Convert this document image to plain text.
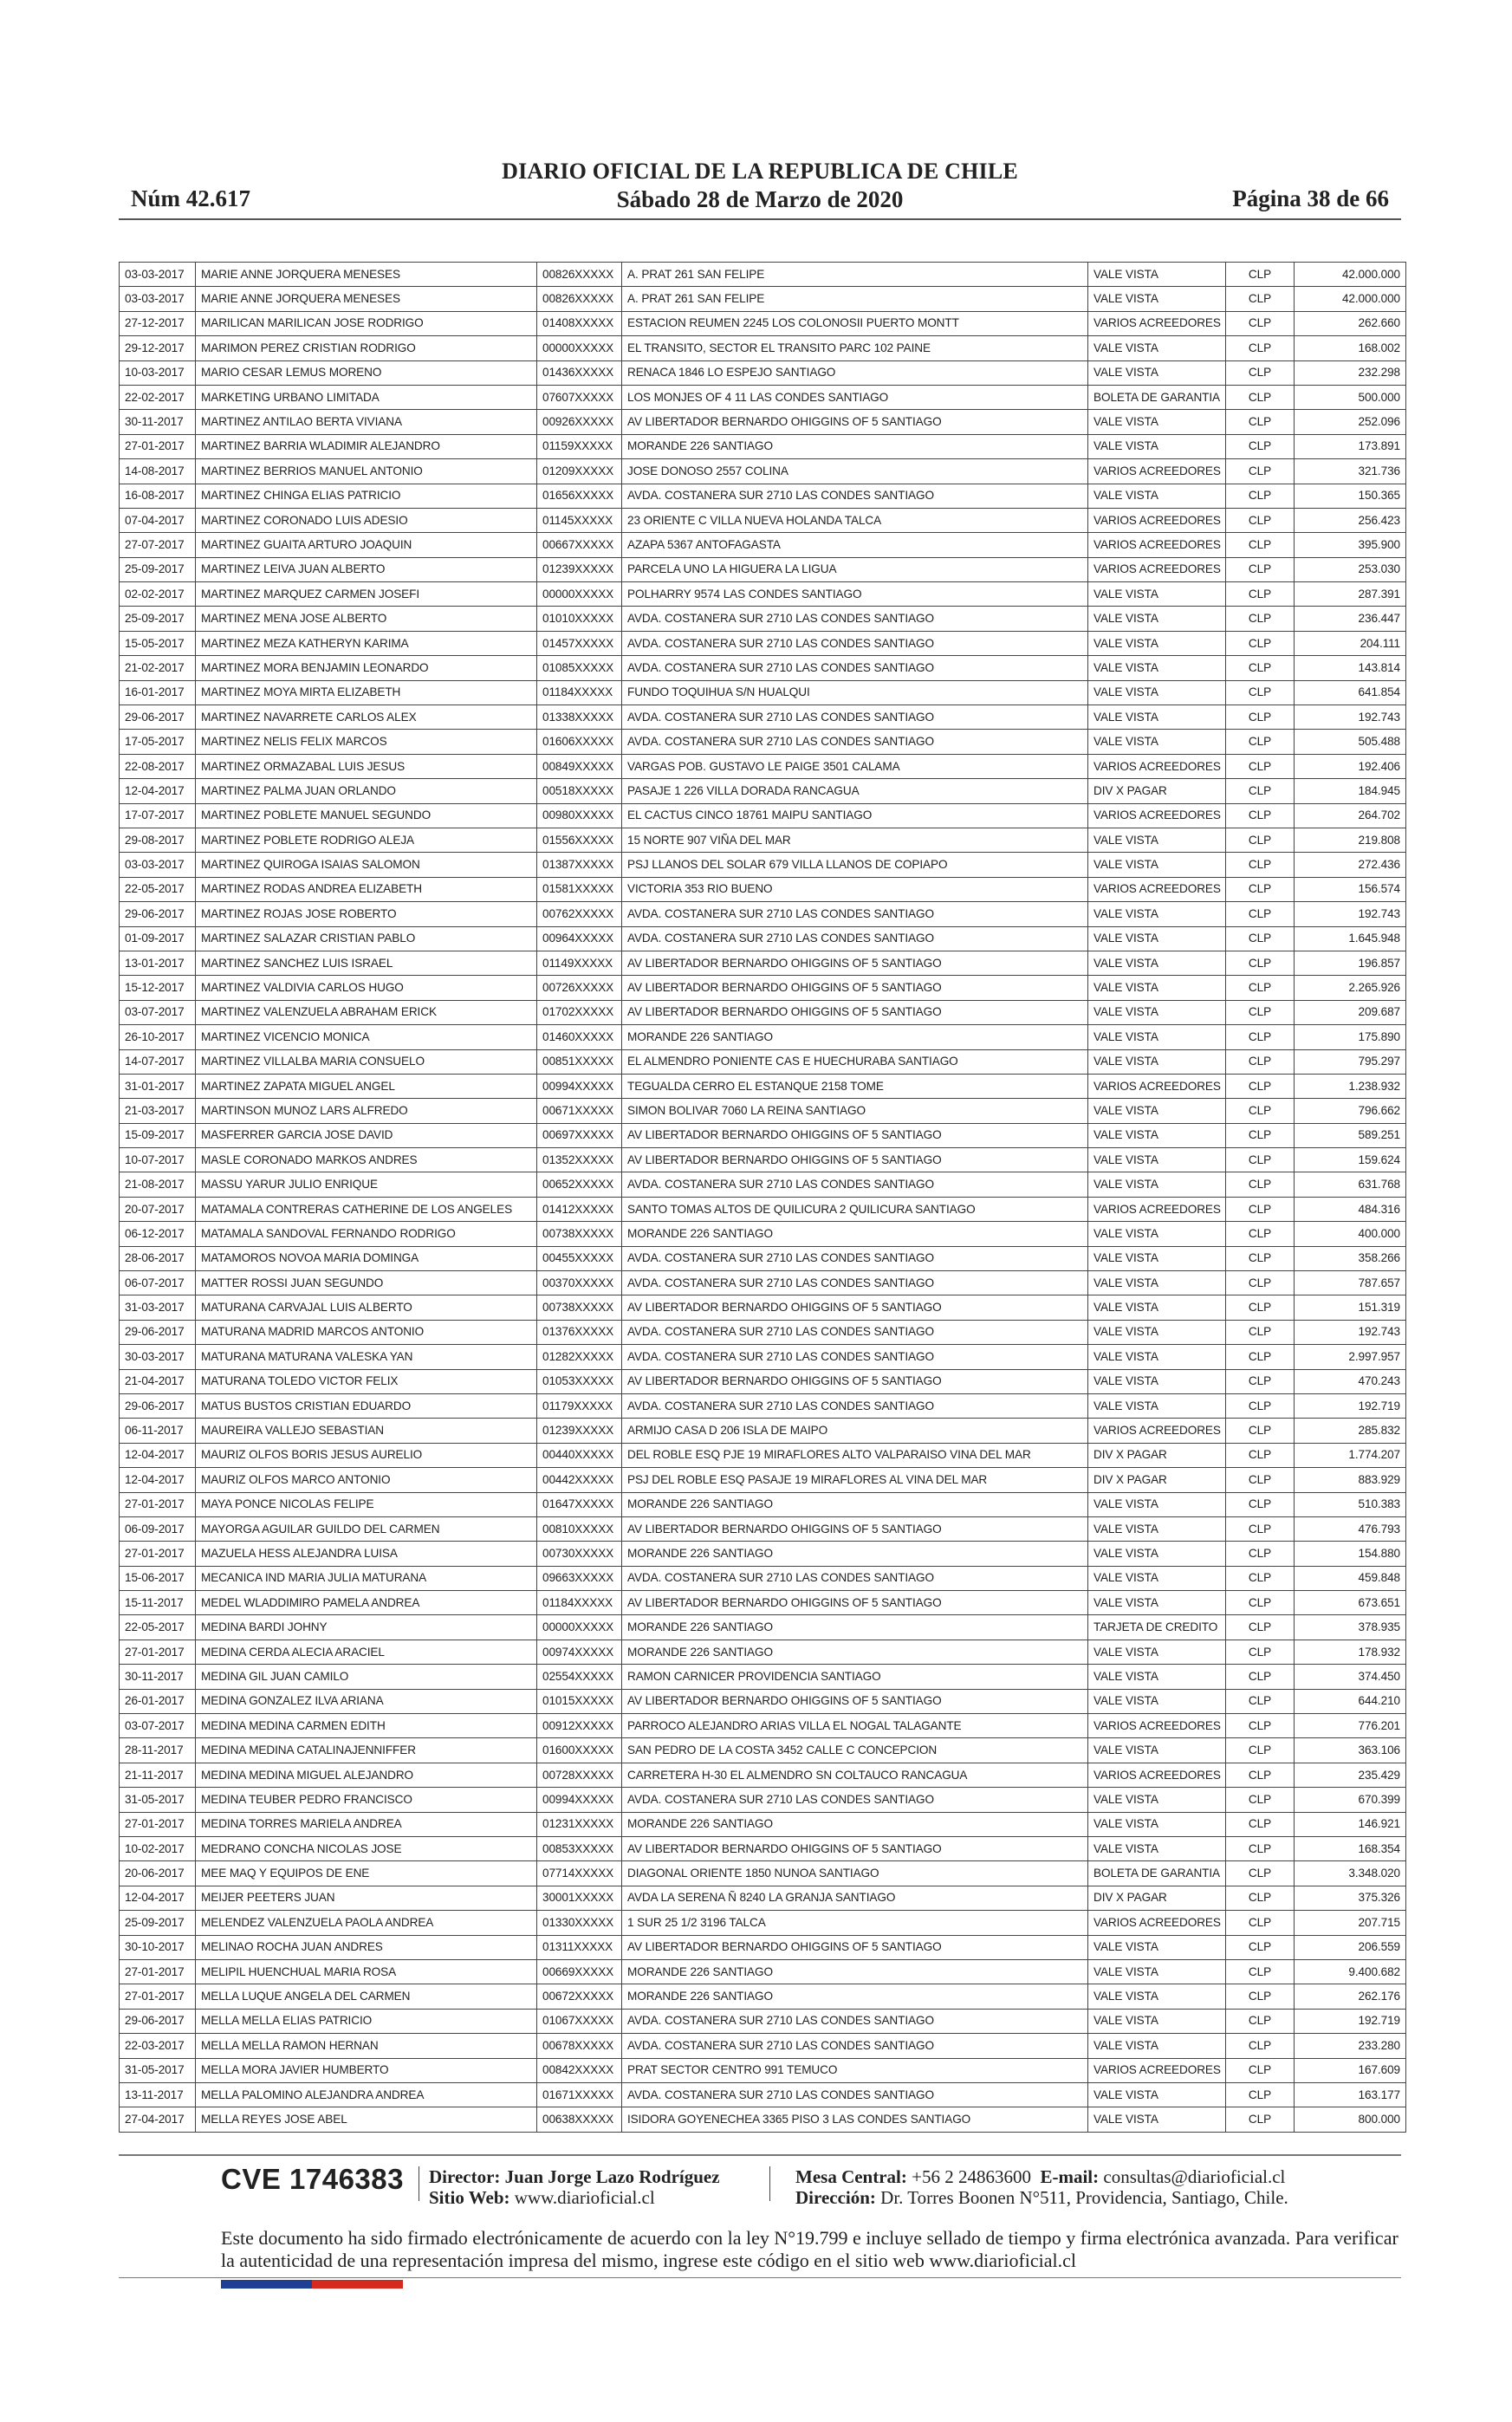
Núm 42.617
DIARIO OFICIAL DE LA REPUBLICA DE CHILE
Sábado 28 de Marzo de 2020	Página 38 de 66
03-03-2017	MARIE ANNE JORQUERA MENESES	00826XXXXX	A. PRAT 261 SAN FELIPE	VALE VISTA	CLP	42.000.000
03-03-2017	MARIE ANNE JORQUERA MENESES	00826XXXXX	A. PRAT 261 SAN FELIPE	VALE VISTA	CLP	42.000.000
27-12-2017	MARILICAN MARILICAN JOSE RODRIGO	01408XXXXX	ESTACION REUMEN 2245 LOS COLONOSII PUERTO MONTT	VARIOS ACREEDORES	CLP	262.660
29-12-2017	MARIMON PEREZ CRISTIAN RODRIGO	00000XXXXX	EL TRANSITO, SECTOR EL TRANSITO PARC 102 PAINE	VALE VISTA	CLP	168.002
10-03-2017	MARIO CESAR LEMUS MORENO	01436XXXXX	RENACA 1846 LO ESPEJO SANTIAGO	VALE VISTA	CLP	232.298
22-02-2017	MARKETING URBANO LIMITADA	07607XXXXX	LOS MONJES OF 4 11 LAS CONDES SANTIAGO	BOLETA DE GARANTIA	CLP	500.000
30-11-2017	MARTINEZ ANTILAO BERTA VIVIANA	00926XXXXX	AV LIBERTADOR BERNARDO OHIGGINS OF 5 SANTIAGO	VALE VISTA	CLP	252.096
27-01-2017	MARTINEZ BARRIA WLADIMIR ALEJANDRO	01159XXXXX	MORANDE 226 SANTIAGO	VALE VISTA	CLP	173.891
14-08-2017	MARTINEZ BERRIOS MANUEL ANTONIO	01209XXXXX	JOSE DONOSO 2557 COLINA	VARIOS ACREEDORES	CLP	321.736
16-08-2017	MARTINEZ CHINGA ELIAS PATRICIO	01656XXXXX	AVDA. COSTANERA SUR 2710 LAS CONDES SANTIAGO	VALE VISTA	CLP	150.365
07-04-2017	MARTINEZ CORONADO LUIS ADESIO	01145XXXXX	23 ORIENTE C VILLA NUEVA HOLANDA TALCA	VARIOS ACREEDORES	CLP	256.423
27-07-2017	MARTINEZ GUAITA ARTURO JOAQUIN	00667XXXXX	AZAPA 5367 ANTOFAGASTA	VARIOS ACREEDORES	CLP	395.900
25-09-2017	MARTINEZ LEIVA JUAN ALBERTO	01239XXXXX	PARCELA UNO LA HIGUERA LA LIGUA	VARIOS ACREEDORES	CLP	253.030
02-02-2017	MARTINEZ MARQUEZ CARMEN JOSEFI	00000XXXXX	POLHARRY 9574 LAS CONDES SANTIAGO	VALE VISTA	CLP	287.391
25-09-2017	MARTINEZ MENA JOSE ALBERTO	01010XXXXX	AVDA. COSTANERA SUR 2710 LAS CONDES SANTIAGO	VALE VISTA	CLP	236.447
15-05-2017	MARTINEZ MEZA KATHERYN KARIMA	01457XXXXX	AVDA. COSTANERA SUR 2710 LAS CONDES SANTIAGO	VALE VISTA	CLP	204.111
21-02-2017	MARTINEZ MORA BENJAMIN LEONARDO	01085XXXXX	AVDA. COSTANERA SUR 2710 LAS CONDES SANTIAGO	VALE VISTA	CLP	143.814
16-01-2017	MARTINEZ MOYA MIRTA ELIZABETH	01184XXXXX	FUNDO TOQUIHUA S/N HUALQUI	VALE VISTA	CLP	641.854
29-06-2017	MARTINEZ NAVARRETE CARLOS ALEX	01338XXXXX	AVDA. COSTANERA SUR 2710 LAS CONDES SANTIAGO	VALE VISTA	CLP	192.743
17-05-2017	MARTINEZ NELIS FELIX MARCOS	01606XXXXX	AVDA. COSTANERA SUR 2710 LAS CONDES SANTIAGO	VALE VISTA	CLP	505.488
22-08-2017	MARTINEZ ORMAZABAL LUIS JESUS	00849XXXXX	VARGAS POB. GUSTAVO LE PAIGE 3501 CALAMA	VARIOS ACREEDORES	CLP	192.406
12-04-2017	MARTINEZ PALMA JUAN ORLANDO	00518XXXXX	PASAJE 1 226 VILLA DORADA RANCAGUA	DIV X PAGAR	CLP	184.945
17-07-2017	MARTINEZ POBLETE MANUEL SEGUNDO	00980XXXXX	EL CACTUS CINCO 18761 MAIPU SANTIAGO	VARIOS ACREEDORES	CLP	264.702
29-08-2017	MARTINEZ POBLETE RODRIGO ALEJA	01556XXXXX	15 NORTE 907 VIÑA DEL MAR	VALE VISTA	CLP	219.808
03-03-2017	MARTINEZ QUIROGA ISAIAS SALOMON	01387XXXXX	PSJ LLANOS DEL SOLAR 679 VILLA LLANOS DE COPIAPO	VALE VISTA	CLP	272.436
22-05-2017	MARTINEZ RODAS ANDREA ELIZABETH	01581XXXXX	VICTORIA 353 RIO BUENO	VARIOS ACREEDORES	CLP	156.574
29-06-2017	MARTINEZ ROJAS JOSE ROBERTO	00762XXXXX	AVDA. COSTANERA SUR 2710 LAS CONDES SANTIAGO	VALE VISTA	CLP	192.743
01-09-2017	MARTINEZ SALAZAR CRISTIAN PABLO	00964XXXXX	AVDA. COSTANERA SUR 2710 LAS CONDES SANTIAGO	VALE VISTA	CLP	1.645.948
13-01-2017	MARTINEZ SANCHEZ LUIS ISRAEL	01149XXXXX	AV LIBERTADOR BERNARDO OHIGGINS OF 5 SANTIAGO	VALE VISTA	CLP	196.857
15-12-2017	MARTINEZ VALDIVIA CARLOS HUGO	00726XXXXX	AV LIBERTADOR BERNARDO OHIGGINS OF 5 SANTIAGO	VALE VISTA	CLP	2.265.926
03-07-2017	MARTINEZ VALENZUELA ABRAHAM ERICK	01702XXXXX	AV LIBERTADOR BERNARDO OHIGGINS OF 5 SANTIAGO	VALE VISTA	CLP	209.687
26-10-2017	MARTINEZ VICENCIO MONICA	01460XXXXX	MORANDE 226 SANTIAGO	VALE VISTA	CLP	175.890
14-07-2017	MARTINEZ VILLALBA MARIA CONSUELO	00851XXXXX	EL ALMENDRO PONIENTE CAS E HUECHURABA SANTIAGO	VALE VISTA	CLP	795.297
31-01-2017	MARTINEZ ZAPATA MIGUEL ANGEL	00994XXXXX	TEGUALDA CERRO EL ESTANQUE 2158 TOME	VARIOS ACREEDORES	CLP	1.238.932
21-03-2017	MARTINSON MUNOZ LARS ALFREDO	00671XXXXX	SIMON BOLIVAR 7060 LA REINA SANTIAGO	VALE VISTA	CLP	796.662
15-09-2017	MASFERRER GARCIA JOSE DAVID	00697XXXXX	AV LIBERTADOR BERNARDO OHIGGINS OF 5 SANTIAGO	VALE VISTA	CLP	589.251
10-07-2017	MASLE CORONADO MARKOS ANDRES	01352XXXXX	AV LIBERTADOR BERNARDO OHIGGINS OF 5 SANTIAGO	VALE VISTA	CLP	159.624
21-08-2017	MASSU YARUR JULIO ENRIQUE	00652XXXXX	AVDA. COSTANERA SUR 2710 LAS CONDES SANTIAGO	VALE VISTA	CLP	631.768
20-07-2017	MATAMALA CONTRERAS CATHERINE DE LOS ANGELES	01412XXXXX	SANTO TOMAS ALTOS DE QUILICURA 2 QUILICURA SANTIAGO	VARIOS ACREEDORES	CLP	484.316
06-12-2017	MATAMALA SANDOVAL FERNANDO RODRIGO	00738XXXXX	MORANDE 226 SANTIAGO	VALE VISTA	CLP	400.000
28-06-2017	MATAMOROS NOVOA MARIA DOMINGA	00455XXXXX	AVDA. COSTANERA SUR 2710 LAS CONDES SANTIAGO	VALE VISTA	CLP	358.266
06-07-2017	MATTER ROSSI JUAN SEGUNDO	00370XXXXX	AVDA. COSTANERA SUR 2710 LAS CONDES SANTIAGO	VALE VISTA	CLP	787.657
31-03-2017	MATURANA CARVAJAL LUIS ALBERTO	00738XXXXX	AV LIBERTADOR BERNARDO OHIGGINS OF 5 SANTIAGO	VALE VISTA	CLP	151.319
29-06-2017	MATURANA MADRID MARCOS ANTONIO	01376XXXXX	AVDA. COSTANERA SUR 2710 LAS CONDES SANTIAGO	VALE VISTA	CLP	192.743
30-03-2017	MATURANA MATURANA VALESKA YAN	01282XXXXX	AVDA. COSTANERA SUR 2710 LAS CONDES SANTIAGO	VALE VISTA	CLP	2.997.957
21-04-2017	MATURANA TOLEDO VICTOR FELIX	01053XXXXX	AV LIBERTADOR BERNARDO OHIGGINS OF 5 SANTIAGO	VALE VISTA	CLP	470.243
29-06-2017	MATUS BUSTOS CRISTIAN EDUARDO	01179XXXXX	AVDA. COSTANERA SUR 2710 LAS CONDES SANTIAGO	VALE VISTA	CLP	192.719
06-11-2017	MAUREIRA VALLEJO SEBASTIAN	01239XXXXX	ARMIJO CASA D 206 ISLA DE MAIPO	VARIOS ACREEDORES	CLP	285.832
12-04-2017	MAURIZ OLFOS BORIS JESUS AURELIO	00440XXXXX	DEL ROBLE ESQ PJE 19 MIRAFLORES ALTO VALPARAISO VINA DEL MAR	DIV X PAGAR	CLP	1.774.207
12-04-2017	MAURIZ OLFOS MARCO ANTONIO	00442XXXXX	PSJ DEL ROBLE ESQ PASAJE 19 MIRAFLORES AL VINA DEL MAR	DIV X PAGAR	CLP	883.929
27-01-2017	MAYA PONCE NICOLAS FELIPE	01647XXXXX	MORANDE 226 SANTIAGO	VALE VISTA	CLP	510.383
06-09-2017	MAYORGA AGUILAR GUILDO DEL CARMEN	00810XXXXX	AV LIBERTADOR BERNARDO OHIGGINS OF 5 SANTIAGO	VALE VISTA	CLP	476.793
27-01-2017	MAZUELA HESS ALEJANDRA LUISA	00730XXXXX	MORANDE 226 SANTIAGO	VALE VISTA	CLP	154.880
15-06-2017	MECANICA IND MARIA JULIA MATURANA	09663XXXXX	AVDA. COSTANERA SUR 2710 LAS CONDES SANTIAGO	VALE VISTA	CLP	459.848
15-11-2017	MEDEL WLADDIMIRO PAMELA ANDREA	01184XXXXX	AV LIBERTADOR BERNARDO OHIGGINS OF 5 SANTIAGO	VALE VISTA	CLP	673.651
22-05-2017	MEDINA BARDI JOHNY	00000XXXXX	MORANDE 226 SANTIAGO	TARJETA DE CREDITO	CLP	378.935
27-01-2017	MEDINA CERDA ALECIA ARACIEL	00974XXXXX	MORANDE 226 SANTIAGO	VALE VISTA	CLP	178.932
30-11-2017	MEDINA GIL JUAN CAMILO	02554XXXXX	RAMON CARNICER PROVIDENCIA SANTIAGO	VALE VISTA	CLP	374.450
26-01-2017	MEDINA GONZALEZ ILVA ARIANA	01015XXXXX	AV LIBERTADOR BERNARDO OHIGGINS OF 5 SANTIAGO	VALE VISTA	CLP	644.210
03-07-2017	MEDINA MEDINA CARMEN EDITH	00912XXXXX	PARROCO ALEJANDRO ARIAS VILLA EL NOGAL TALAGANTE	VARIOS ACREEDORES	CLP	776.201
28-11-2017	MEDINA MEDINA CATALINAJENNIFFER	01600XXXXX	SAN PEDRO DE LA COSTA 3452 CALLE C CONCEPCION	VALE VISTA	CLP	363.106
21-11-2017	MEDINA MEDINA MIGUEL ALEJANDRO	00728XXXXX	CARRETERA H-30 EL ALMENDRO SN COLTAUCO RANCAGUA	VARIOS ACREEDORES	CLP	235.429
31-05-2017	MEDINA TEUBER PEDRO FRANCISCO	00994XXXXX	AVDA. COSTANERA SUR 2710 LAS CONDES SANTIAGO	VALE VISTA	CLP	670.399
27-01-2017	MEDINA TORRES MARIELA ANDREA	01231XXXXX	MORANDE 226 SANTIAGO	VALE VISTA	CLP	146.921
10-02-2017	MEDRANO CONCHA NICOLAS JOSE	00853XXXXX	AV LIBERTADOR BERNARDO OHIGGINS OF 5 SANTIAGO	VALE VISTA	CLP	168.354
20-06-2017	MEE MAQ Y EQUIPOS DE ENE	07714XXXXX	DIAGONAL ORIENTE 1850 NUNOA SANTIAGO	BOLETA DE GARANTIA	CLP	3.348.020
12-04-2017	MEIJER PEETERS JUAN	30001XXXXX	AVDA LA SERENA Ñ 8240 LA GRANJA SANTIAGO	DIV X PAGAR	CLP	375.326
25-09-2017	MELENDEZ VALENZUELA PAOLA ANDREA	01330XXXXX	1 SUR 25 1/2 3196 TALCA	VARIOS ACREEDORES	CLP	207.715
30-10-2017	MELINAO ROCHA JUAN ANDRES	01311XXXXX	AV LIBERTADOR BERNARDO OHIGGINS OF 5 SANTIAGO	VALE VISTA	CLP	206.559
27-01-2017	MELIPIL HUENCHUAL MARIA ROSA	00669XXXXX	MORANDE 226 SANTIAGO	VALE VISTA	CLP	9.400.682
27-01-2017	MELLA LUQUE ANGELA DEL CARMEN	00672XXXXX	MORANDE 226 SANTIAGO	VALE VISTA	CLP	262.176
29-06-2017	MELLA MELLA ELIAS PATRICIO	01067XXXXX	AVDA. COSTANERA SUR 2710 LAS CONDES SANTIAGO	VALE VISTA	CLP	192.719
22-03-2017	MELLA MELLA RAMON HERNAN	00678XXXXX	AVDA. COSTANERA SUR 2710 LAS CONDES SANTIAGO	VALE VISTA	CLP	233.280
31-05-2017	MELLA MORA JAVIER HUMBERTO	00842XXXXX	PRAT SECTOR CENTRO 991 TEMUCO	VARIOS ACREEDORES	CLP	167.609
13-11-2017	MELLA PALOMINO ALEJANDRA ANDREA	01671XXXXX	AVDA. COSTANERA SUR 2710 LAS CONDES SANTIAGO	VALE VISTA	CLP	163.177
27-04-2017	MELLA REYES JOSE ABEL	00638XXXXX	ISIDORA GOYENECHEA 3365 PISO 3 LAS CONDES SANTIAGO	VALE VISTA	CLP	800.000
CVE 1746383 Director: Juan Jorge Lazo Rodríguez
Sitio Web: www.diarioficial.cl
Mesa Central: +56 2 24863600 E-mail: consultas@diarioficial.cl
Dirección: Dr. Torres Boonen N°511, Providencia, Santiago, Chile.
Este documento ha sido firmado electrónicamente de acuerdo con la ley N°19.799 e incluye sellado de tiempo y firma electrónica avanzada. Para verificar la autenticidad de una representación impresa del mismo, ingrese este código en el sitio web www.diarioficial.cl
